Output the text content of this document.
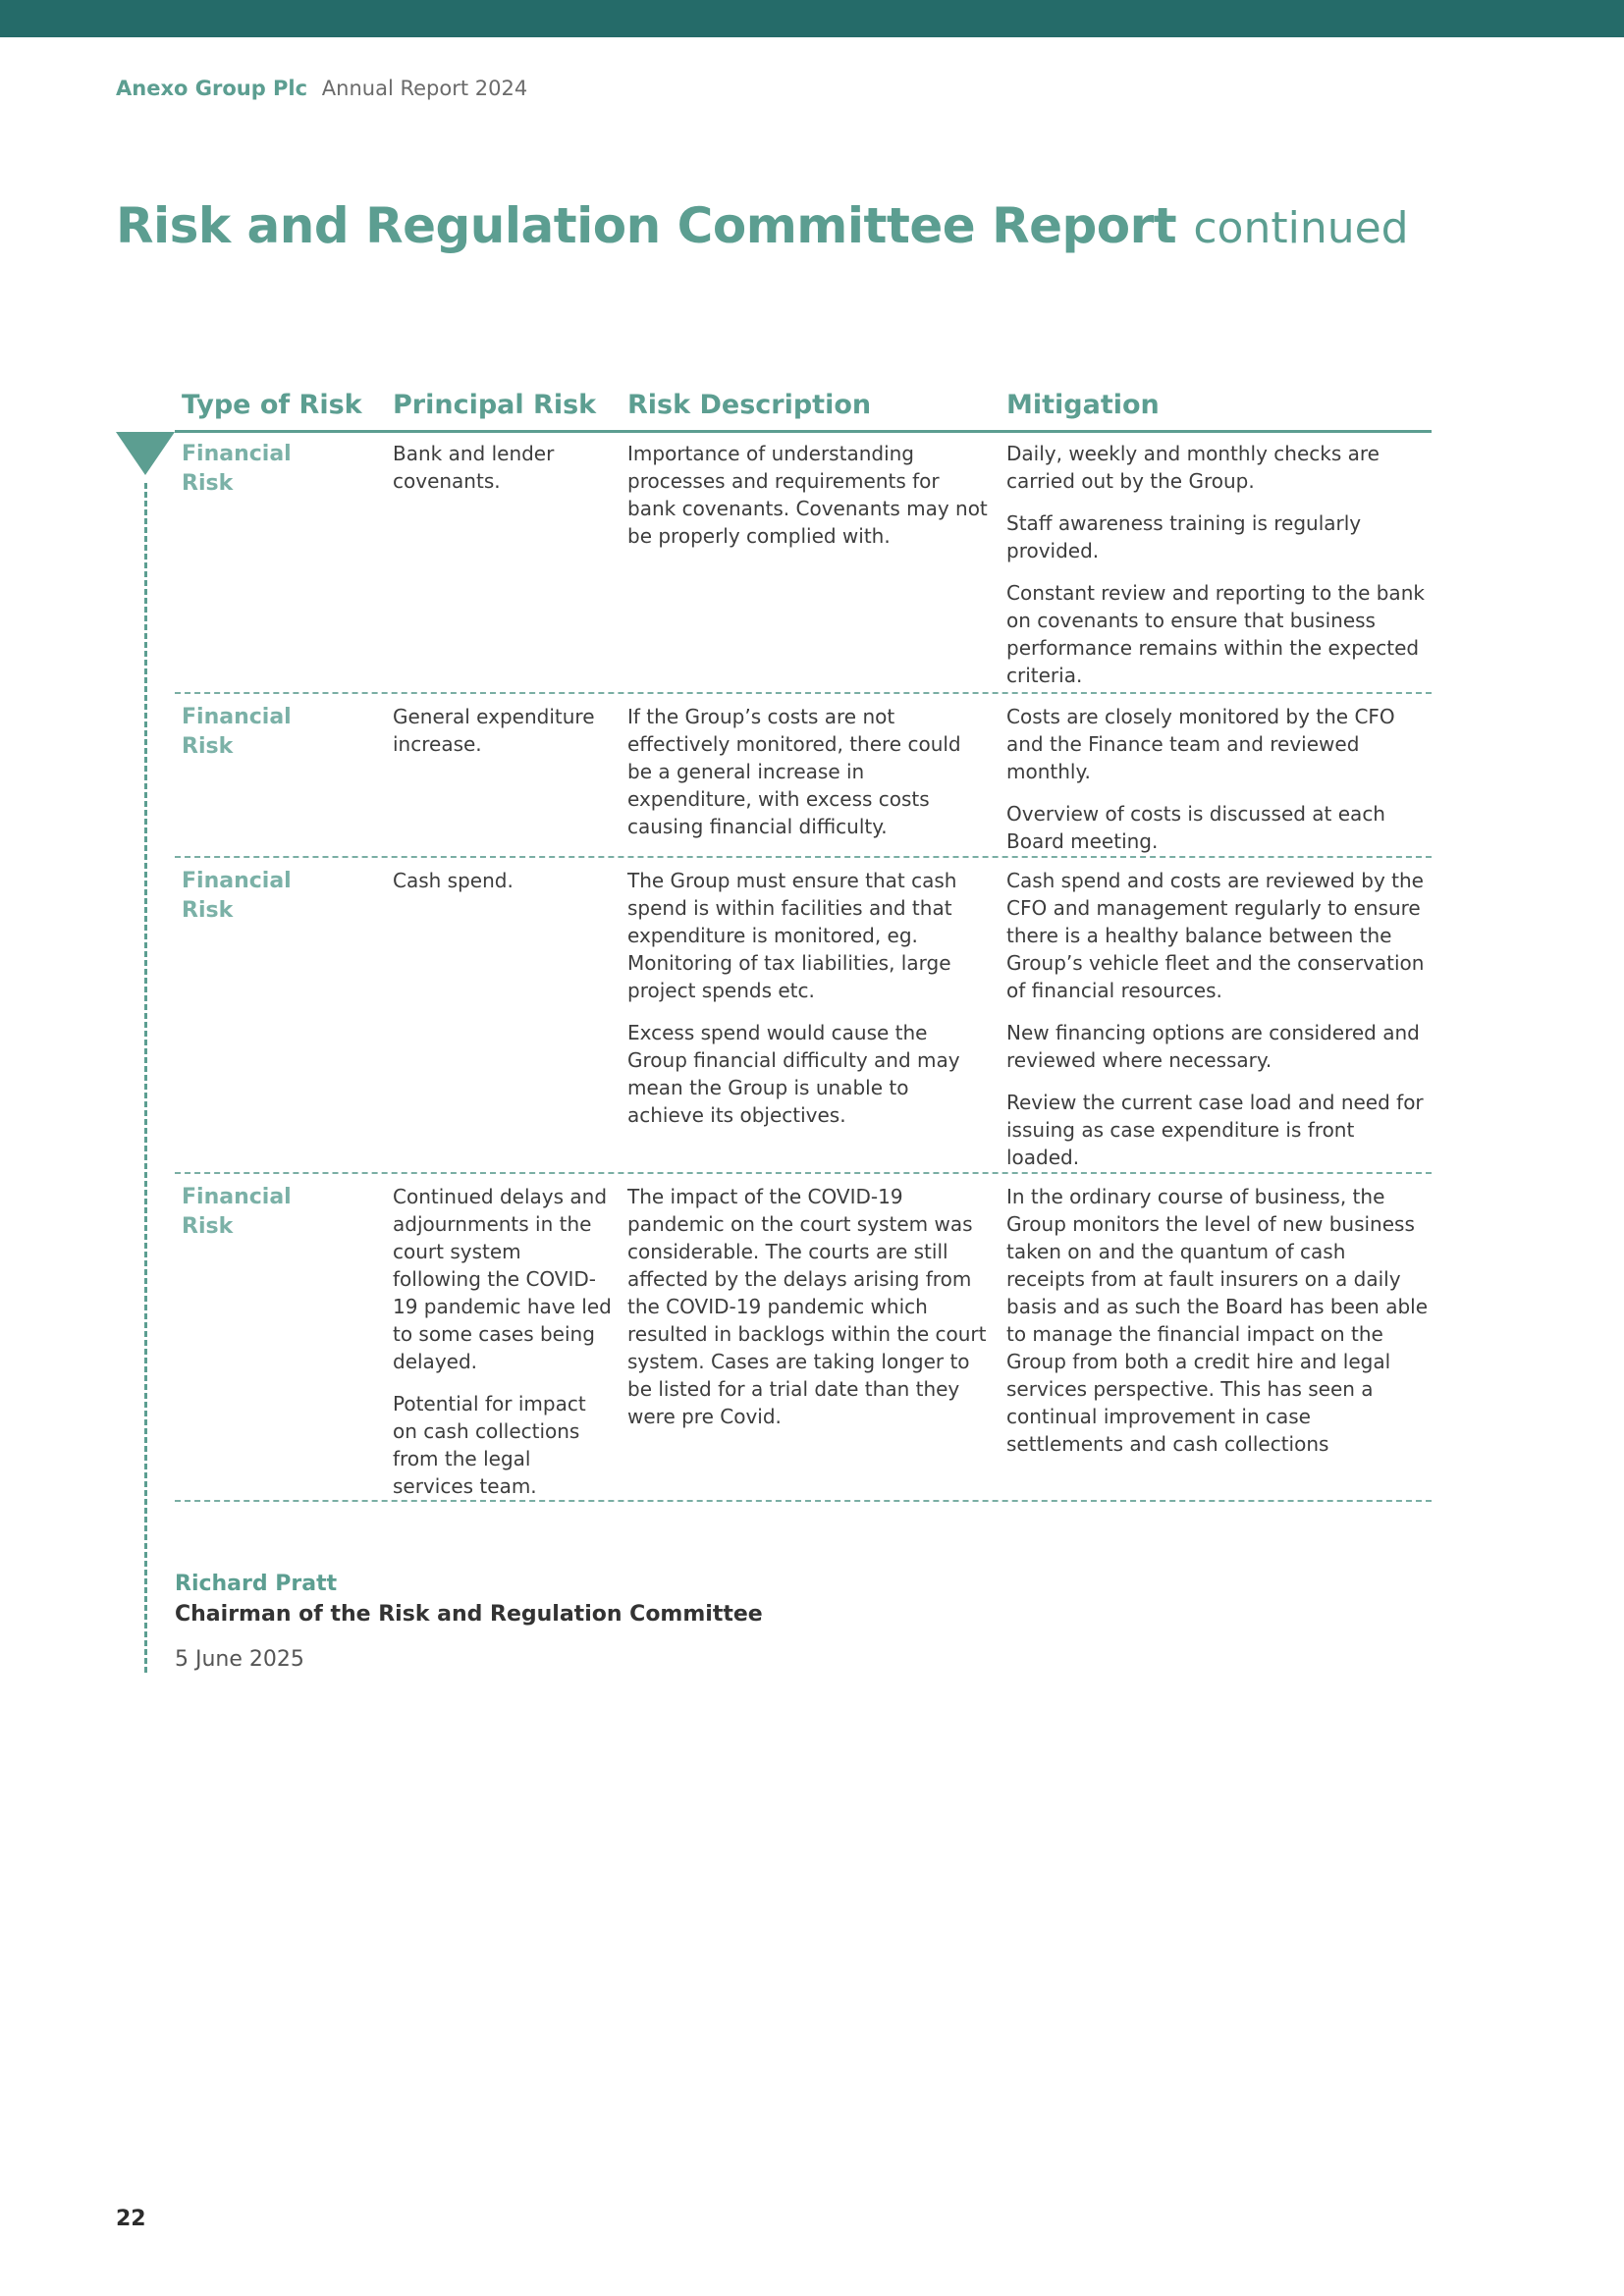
Anexo Group Plc Annual Report 2024
Risk and Regulation Committee Report continued
Type of Risk Principal Risk Risk Description	Mitigation
Financial
Risk

Bank and lender covenants.

Importance of understanding processes and requirements for bank covenants. Covenants may not be properly complied with.

Daily, weekly and monthly checks are carried out by the Group.

Staff awareness training is regularly provided.

Constant review and reporting to the bank on covenants to ensure that business performance remains within the expected criteria.

Financial
Risk

General expenditure increase.

If the Group’s costs are not effectively monitored, there could be a general increase in expenditure, with excess costs causing financial difficulty.

Costs are closely monitored by the CFO and the Finance team and reviewed monthly.

Overview of costs is discussed at each Board meeting.

Financial
Risk

Cash spend.	The Group must ensure that cash spend is within facilities and that expenditure is monitored, eg. Monitoring of tax liabilities, large project spends etc.

Excess spend would cause the Group financial difficulty and may mean the Group is unable to achieve its objectives.

Cash spend and costs are reviewed by the CFO and management regularly to ensure there is a healthy balance between the Group’s vehicle fleet and the conservation of financial resources.

New financing options are considered and reviewed where necessary.

Review the current case load and need for issuing as case expenditure is front loaded.

Financial
Risk

Continued delays and adjournments in the court system following the COVID-19 pandemic have led to some cases being delayed.

Potential for impact on cash collections from the legal services team.

The impact of the COVID-19 pandemic on the court system was considerable. The courts are still affected by the delays arising from the COVID-19 pandemic which resulted in backlogs within the court system. Cases are taking longer to be listed for a trial date than they were pre Covid.

In the ordinary course of business, the Group monitors the level of new business taken on and the quantum of cash receipts from at fault insurers on a daily basis and as such the Board has been able to manage the financial impact on the Group from both a credit hire and legal services perspective. This has seen a continual improvement in case settlements and cash collections

Richard Pratt
Chairman of the Risk and Regulation Committee
5 June 2025
22
